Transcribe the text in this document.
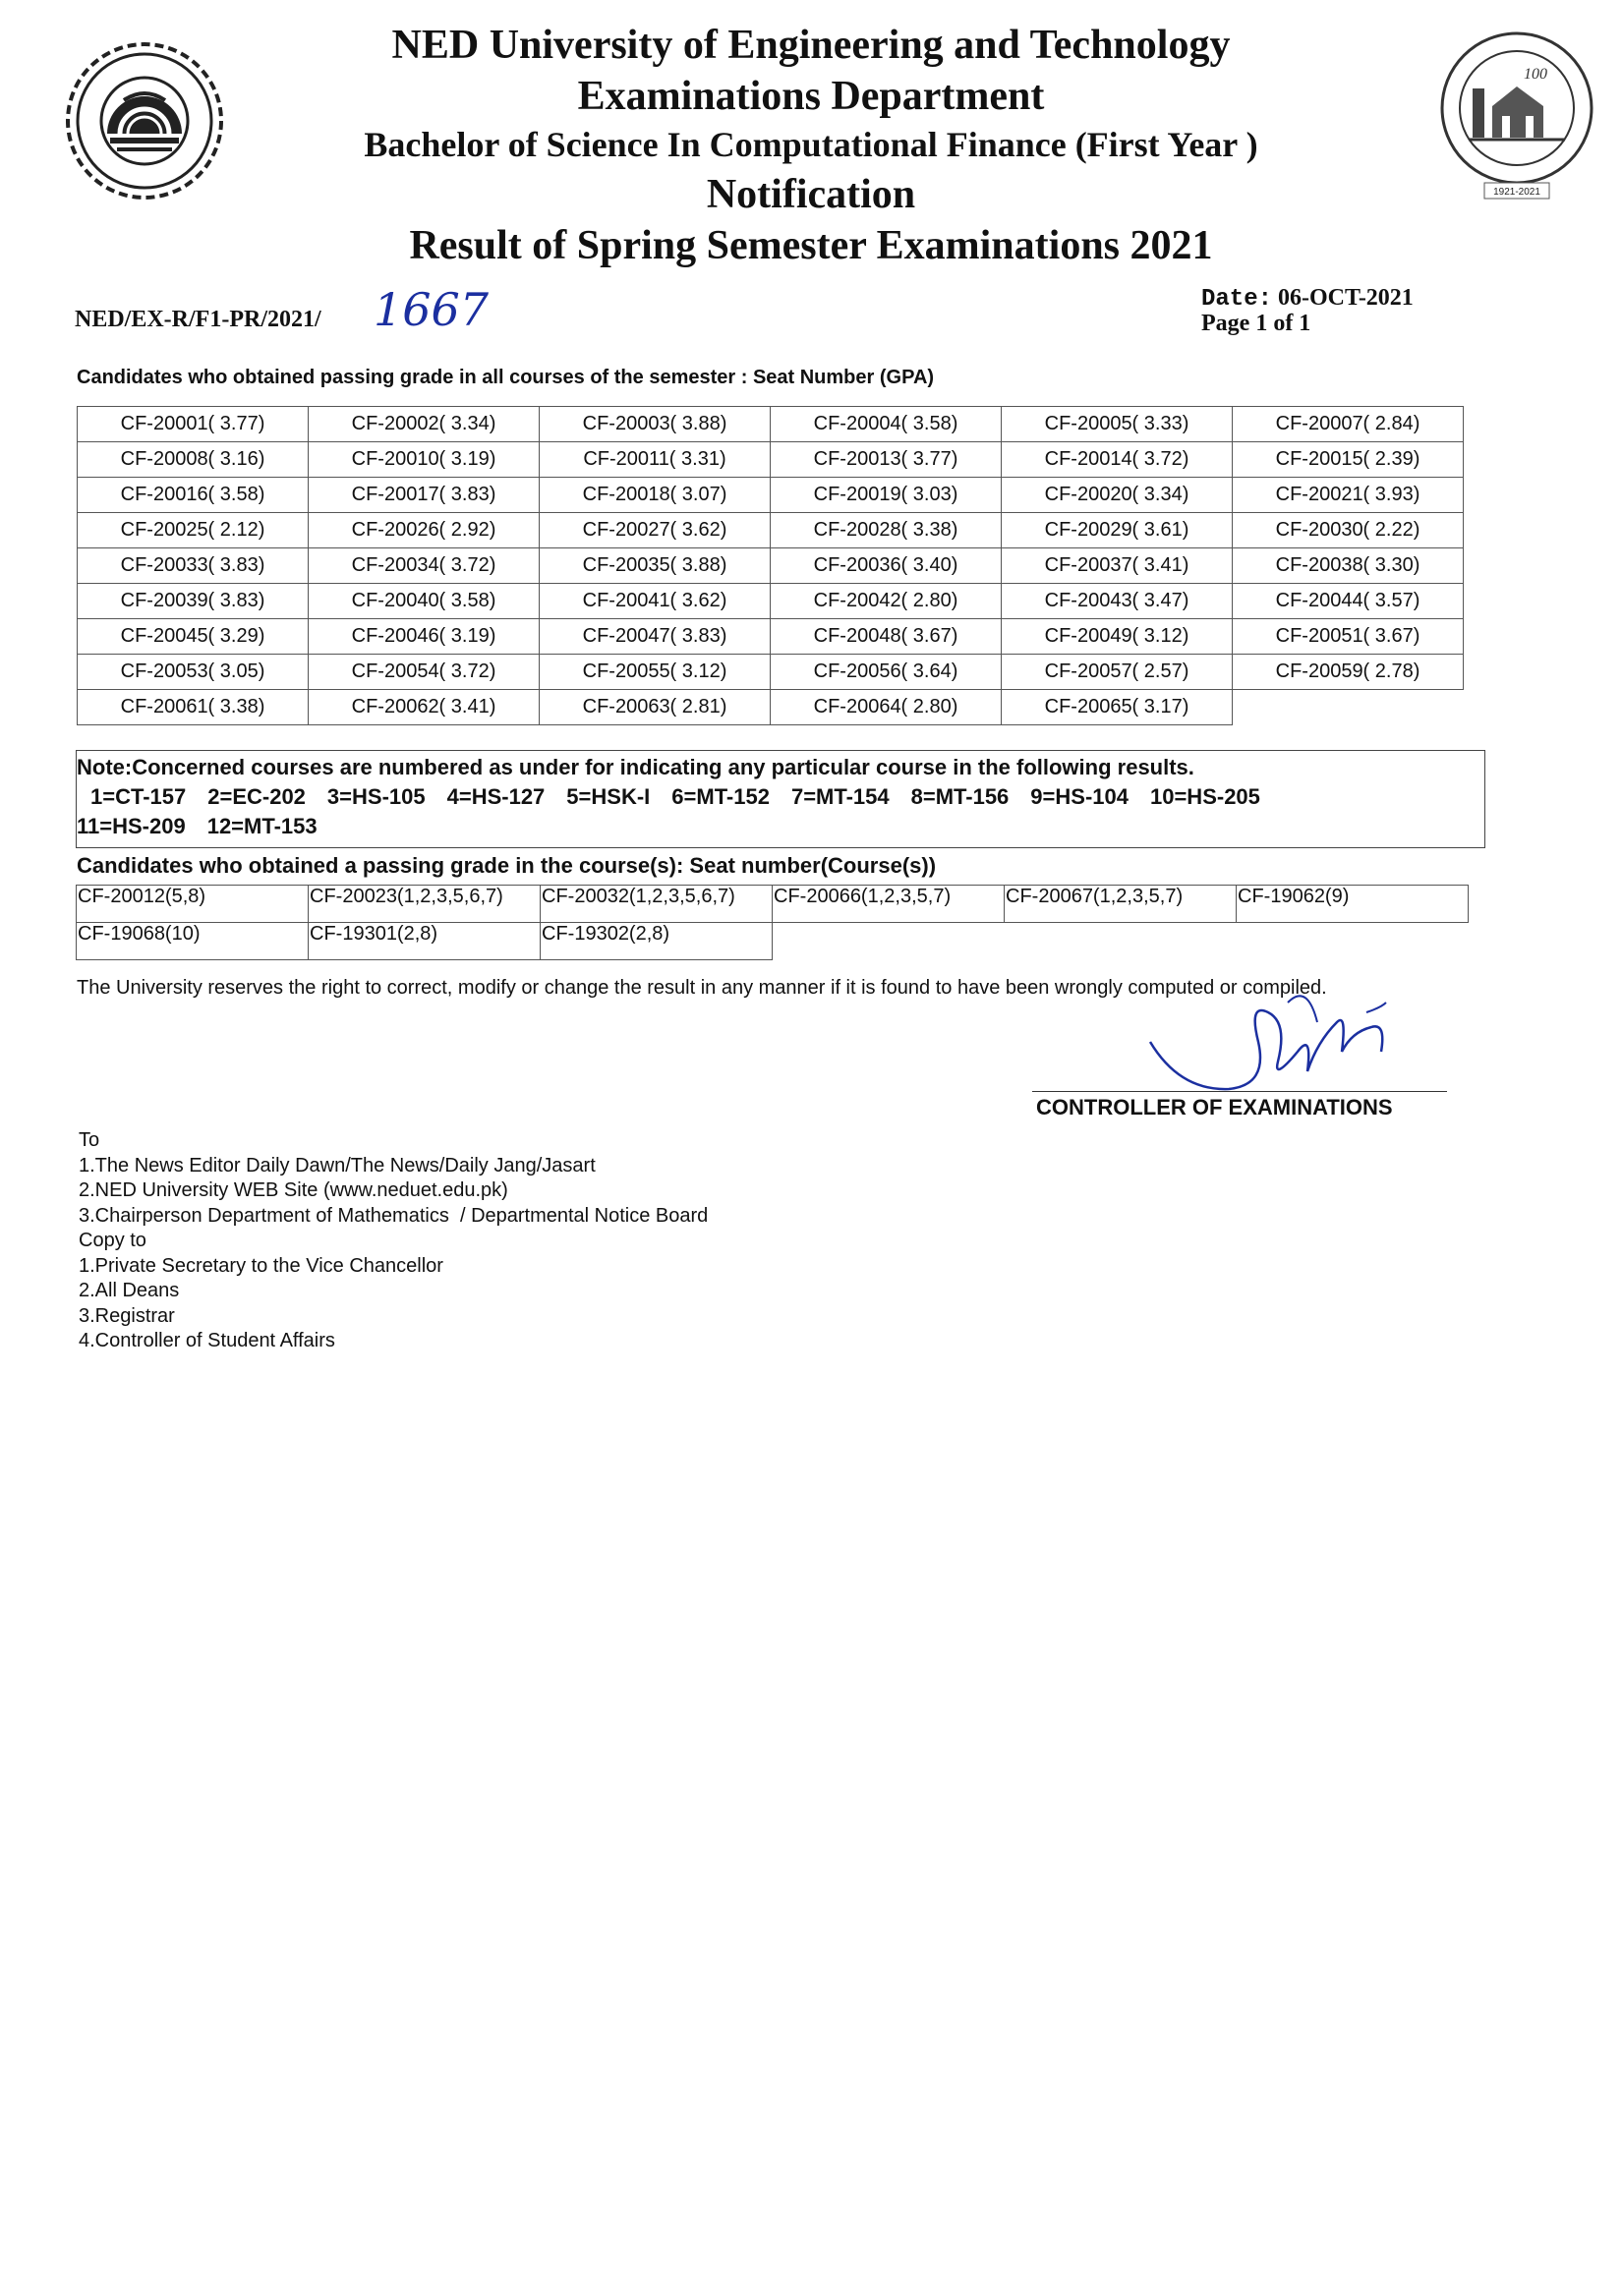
NED University of Engineering and Technology
Examinations Department
Bachelor of Science In Computational Finance (First Year )
Notification
Result of Spring Semester Examinations 2021
100
1921-2021
NED/EX-R/F1-PR/2021/ 1667	Date: 06-OCT-2021
Page 1 of 1
Candidates who obtained passing grade in all courses of the semester : Seat Number (GPA)
CF-20001( 3.77)	CF-20002( 3.34)	CF-20003( 3.88)	CF-20004( 3.58)	CF-20005( 3.33)	CF-20007( 2.84)
CF-20008( 3.16)	CF-20010( 3.19)	CF-20011( 3.31)	CF-20013( 3.77)	CF-20014( 3.72)	CF-20015( 2.39)
CF-20016( 3.58)	CF-20017( 3.83)	CF-20018( 3.07)	CF-20019( 3.03)	CF-20020( 3.34)	CF-20021( 3.93)
CF-20025( 2.12)	CF-20026( 2.92)	CF-20027( 3.62)	CF-20028( 3.38)	CF-20029( 3.61)	CF-20030( 2.22)
CF-20033( 3.83)	CF-20034( 3.72)	CF-20035( 3.88)	CF-20036( 3.40)	CF-20037( 3.41)	CF-20038( 3.30)
CF-20039( 3.83)	CF-20040( 3.58)	CF-20041( 3.62)	CF-20042( 2.80)	CF-20043( 3.47)	CF-20044( 3.57)
CF-20045( 3.29)	CF-20046( 3.19)	CF-20047( 3.83)	CF-20048( 3.67)	CF-20049( 3.12)	CF-20051( 3.67)
CF-20053( 3.05)	CF-20054( 3.72)	CF-20055( 3.12)	CF-20056( 3.64)	CF-20057( 2.57)	CF-20059( 2.78)
CF-20061( 3.38)	CF-20062( 3.41)	CF-20063( 2.81)	CF-20064( 2.80)	CF-20065( 3.17)	
Note:Concerned courses are numbered as under for indicating any particular course in the following results.
1=CT-157 2=EC-202 3=HS-105 4=HS-127 5=HSK-I 6=MT-152 7=MT-154 8=MT-156 9=HS-104 10=HS-205
11=HS-209 12=MT-153
Candidates who obtained a passing grade in the course(s): Seat number(Course(s))
CF-20012(5,8)	CF-20023(1,2,3,5,6,7)	CF-20032(1,2,3,5,6,7)	CF-20066(1,2,3,5,7)	CF-20067(1,2,3,5,7)	CF-19062(9)
CF-19068(10)	CF-19301(2,8)	CF-19302(2,8)			
The University reserves the right to correct, modify or change the result in any manner if it is found to have been wrongly computed or compiled.
CONTROLLER OF EXAMINATIONS
To
1.The News Editor Daily Dawn/The News/Daily Jang/Jasart
2.NED University WEB Site (www.neduet.edu.pk)
3.Chairperson Department of Mathematics  / Departmental Notice Board
Copy to
1.Private Secretary to the Vice Chancellor
2.All Deans
3.Registrar
4.Controller of Student Affairs
